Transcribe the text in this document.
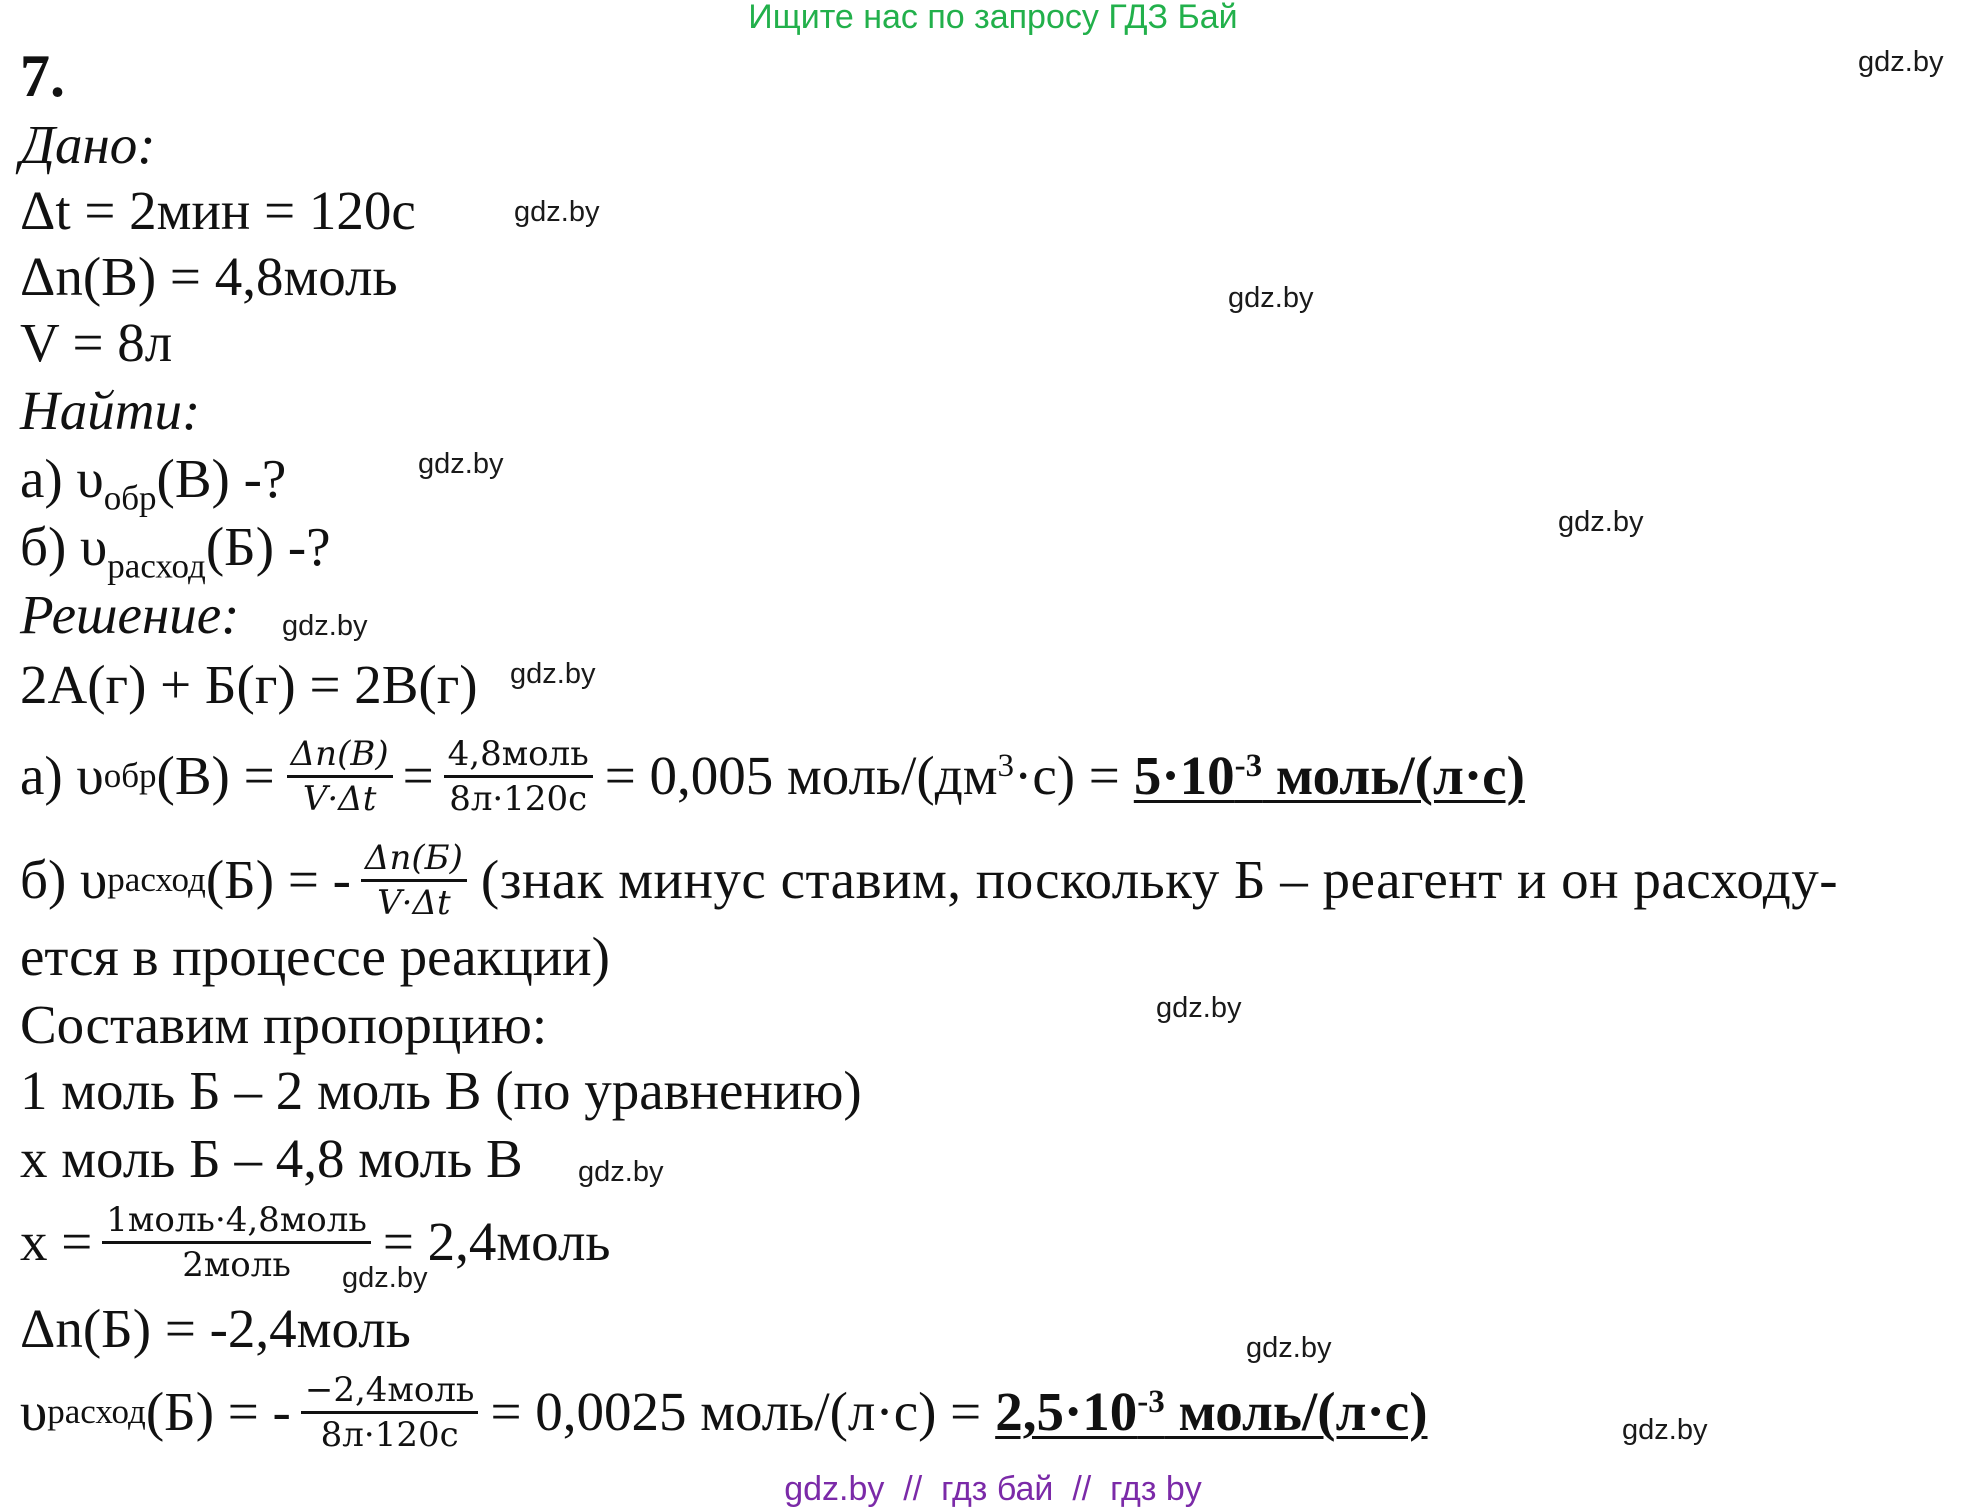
Ищите нас по запросу ГДЗ Бай
gdz.by  //  гдз бай  //  гдз by
7.
Дано:
Δt = 2мин = 120с
Δn(В) = 4,8моль
V = 8л
Найти:
а) $\upsilon_{обр}(В)$ -?
б) $\upsilon_{расход}(Б)$ -?
Решение:
2А(г) + Б(г) = 2В(г)
а) υ обр $(В) = \frac{\Delta n(В)}{V\cdot\Delta t} = \frac{\text{4,8моль}}{8л\cdot 120с} = 0,005$ моль/$(дм^3\cdot с) = 5\cdot 10^{-3}$ моль/(л·с)
б) υ расход (Б) = - $\frac{\Delta n(Б)}{V\cdot\Delta t}$ (знак минус ставим, поскольку Б – реагент и он расходу-
ется в процессе реакции)
Составим пропорцию:
1 моль Б – 2 моль В (по уравнению)
х моль Б – 4,8 моль В
$х = \frac{\text{1моль·4,8моль}}{\text{2моль}}$ = 2,4моль
Δn(Б) = -2,4моль
υ расход (Б) = - $\frac{\text{−2,4моль}}{8л\cdot 120с} = 0,0025$ моль/(л·с) = $2,5\cdot 10^{-3}$ моль/(л·с)
gdz.by
gdz.by
gdz.by
gdz.by
gdz.by
gdz.by
gdz.by
gdz.by
gdz.by
gdz.by
gdz.by
gdz.by
